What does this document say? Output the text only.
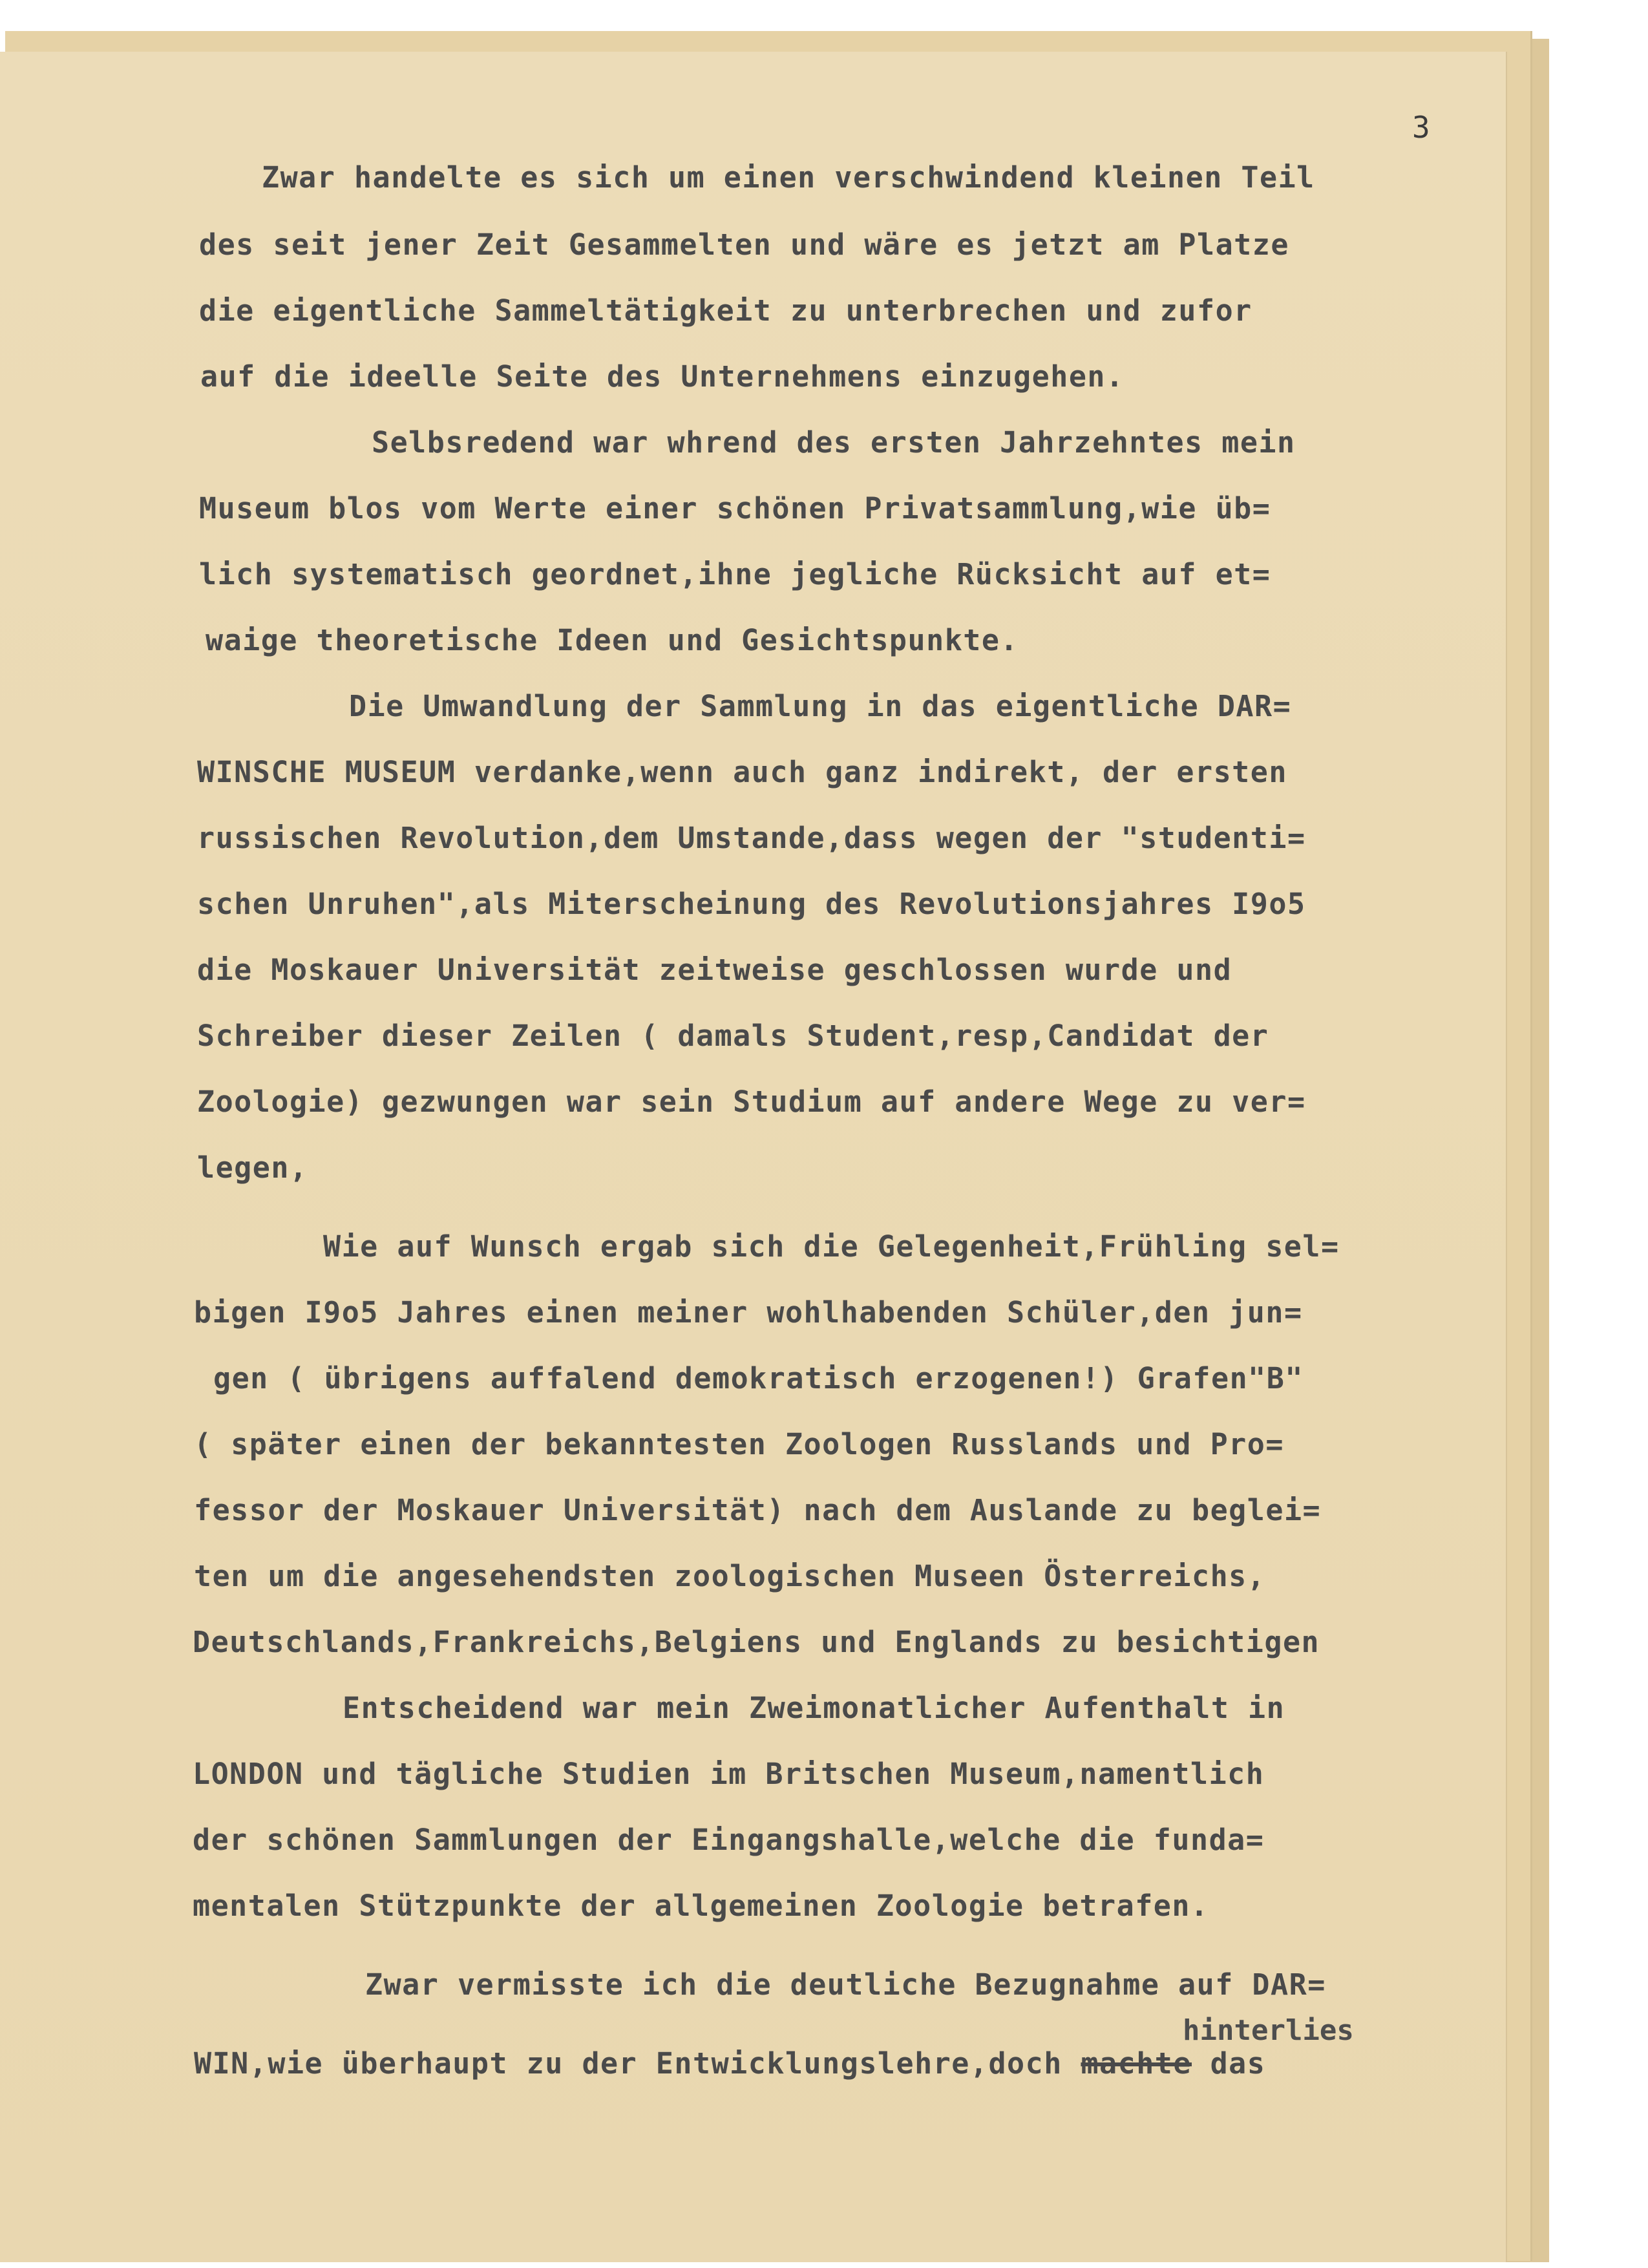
3

Zwar handelte es sich um einen verschwindend kleinen Teil

des seit jener Zeit Gesammelten und wäre es jetzt am Platze

die eigentliche Sammeltätigkeit zu unterbrechen und zufor

auf die ideelle Seite des Unternehmens einzugehen.

Selbsredend war whrend des ersten Jahrzehntes mein

Museum blos vom Werte einer schönen Privatsammlung,wie üb=

lich systematisch geordnet,ihne jegliche Rücksicht auf et=

waige theoretische Ideen und Gesichtspunkte.

Die Umwandlung der Sammlung in das eigentliche DAR=

WINSCHE MUSEUM verdanke,wenn auch ganz indirekt, der ersten

russischen Revolution,dem Umstande,dass wegen der "studenti=

schen Unruhen",als Miterscheinung des Revolutionsjahres I9o5

die Moskauer Universität zeitweise geschlossen wurde und

Schreiber dieser Zeilen ( damals Student,resp,Candidat der

Zoologie) gezwungen war sein Studium auf andere Wege zu ver=

legen,

Wie auf Wunsch ergab sich die Gelegenheit,Frühling sel=

bigen I9o5 Jahres einen meiner wohlhabenden Schüler,den jun=

gen ( übrigens auffalend demokratisch erzogenen!) Grafen"B"

( später einen der bekanntesten Zoologen Russlands und Pro=

fessor der Moskauer Universität) nach dem Auslande zu beglei=

ten um die angesehendsten zoologischen Museen Österreichs,

Deutschlands,Frankreichs,Belgiens und Englands zu besichtigen

Entscheidend war mein Zweimonatlicher Aufenthalt in

LONDON und tägliche Studien im Britschen Museum,namentlich

der schönen Sammlungen der Eingangshalle,welche die funda=

mentalen Stützpunkte der allgemeinen Zoologie betrafen.

Zwar vermisste ich die deutliche Bezugnahme auf DAR=

hinterlies

WIN,wie überhaupt zu der Entwicklungslehre,doch machte das
